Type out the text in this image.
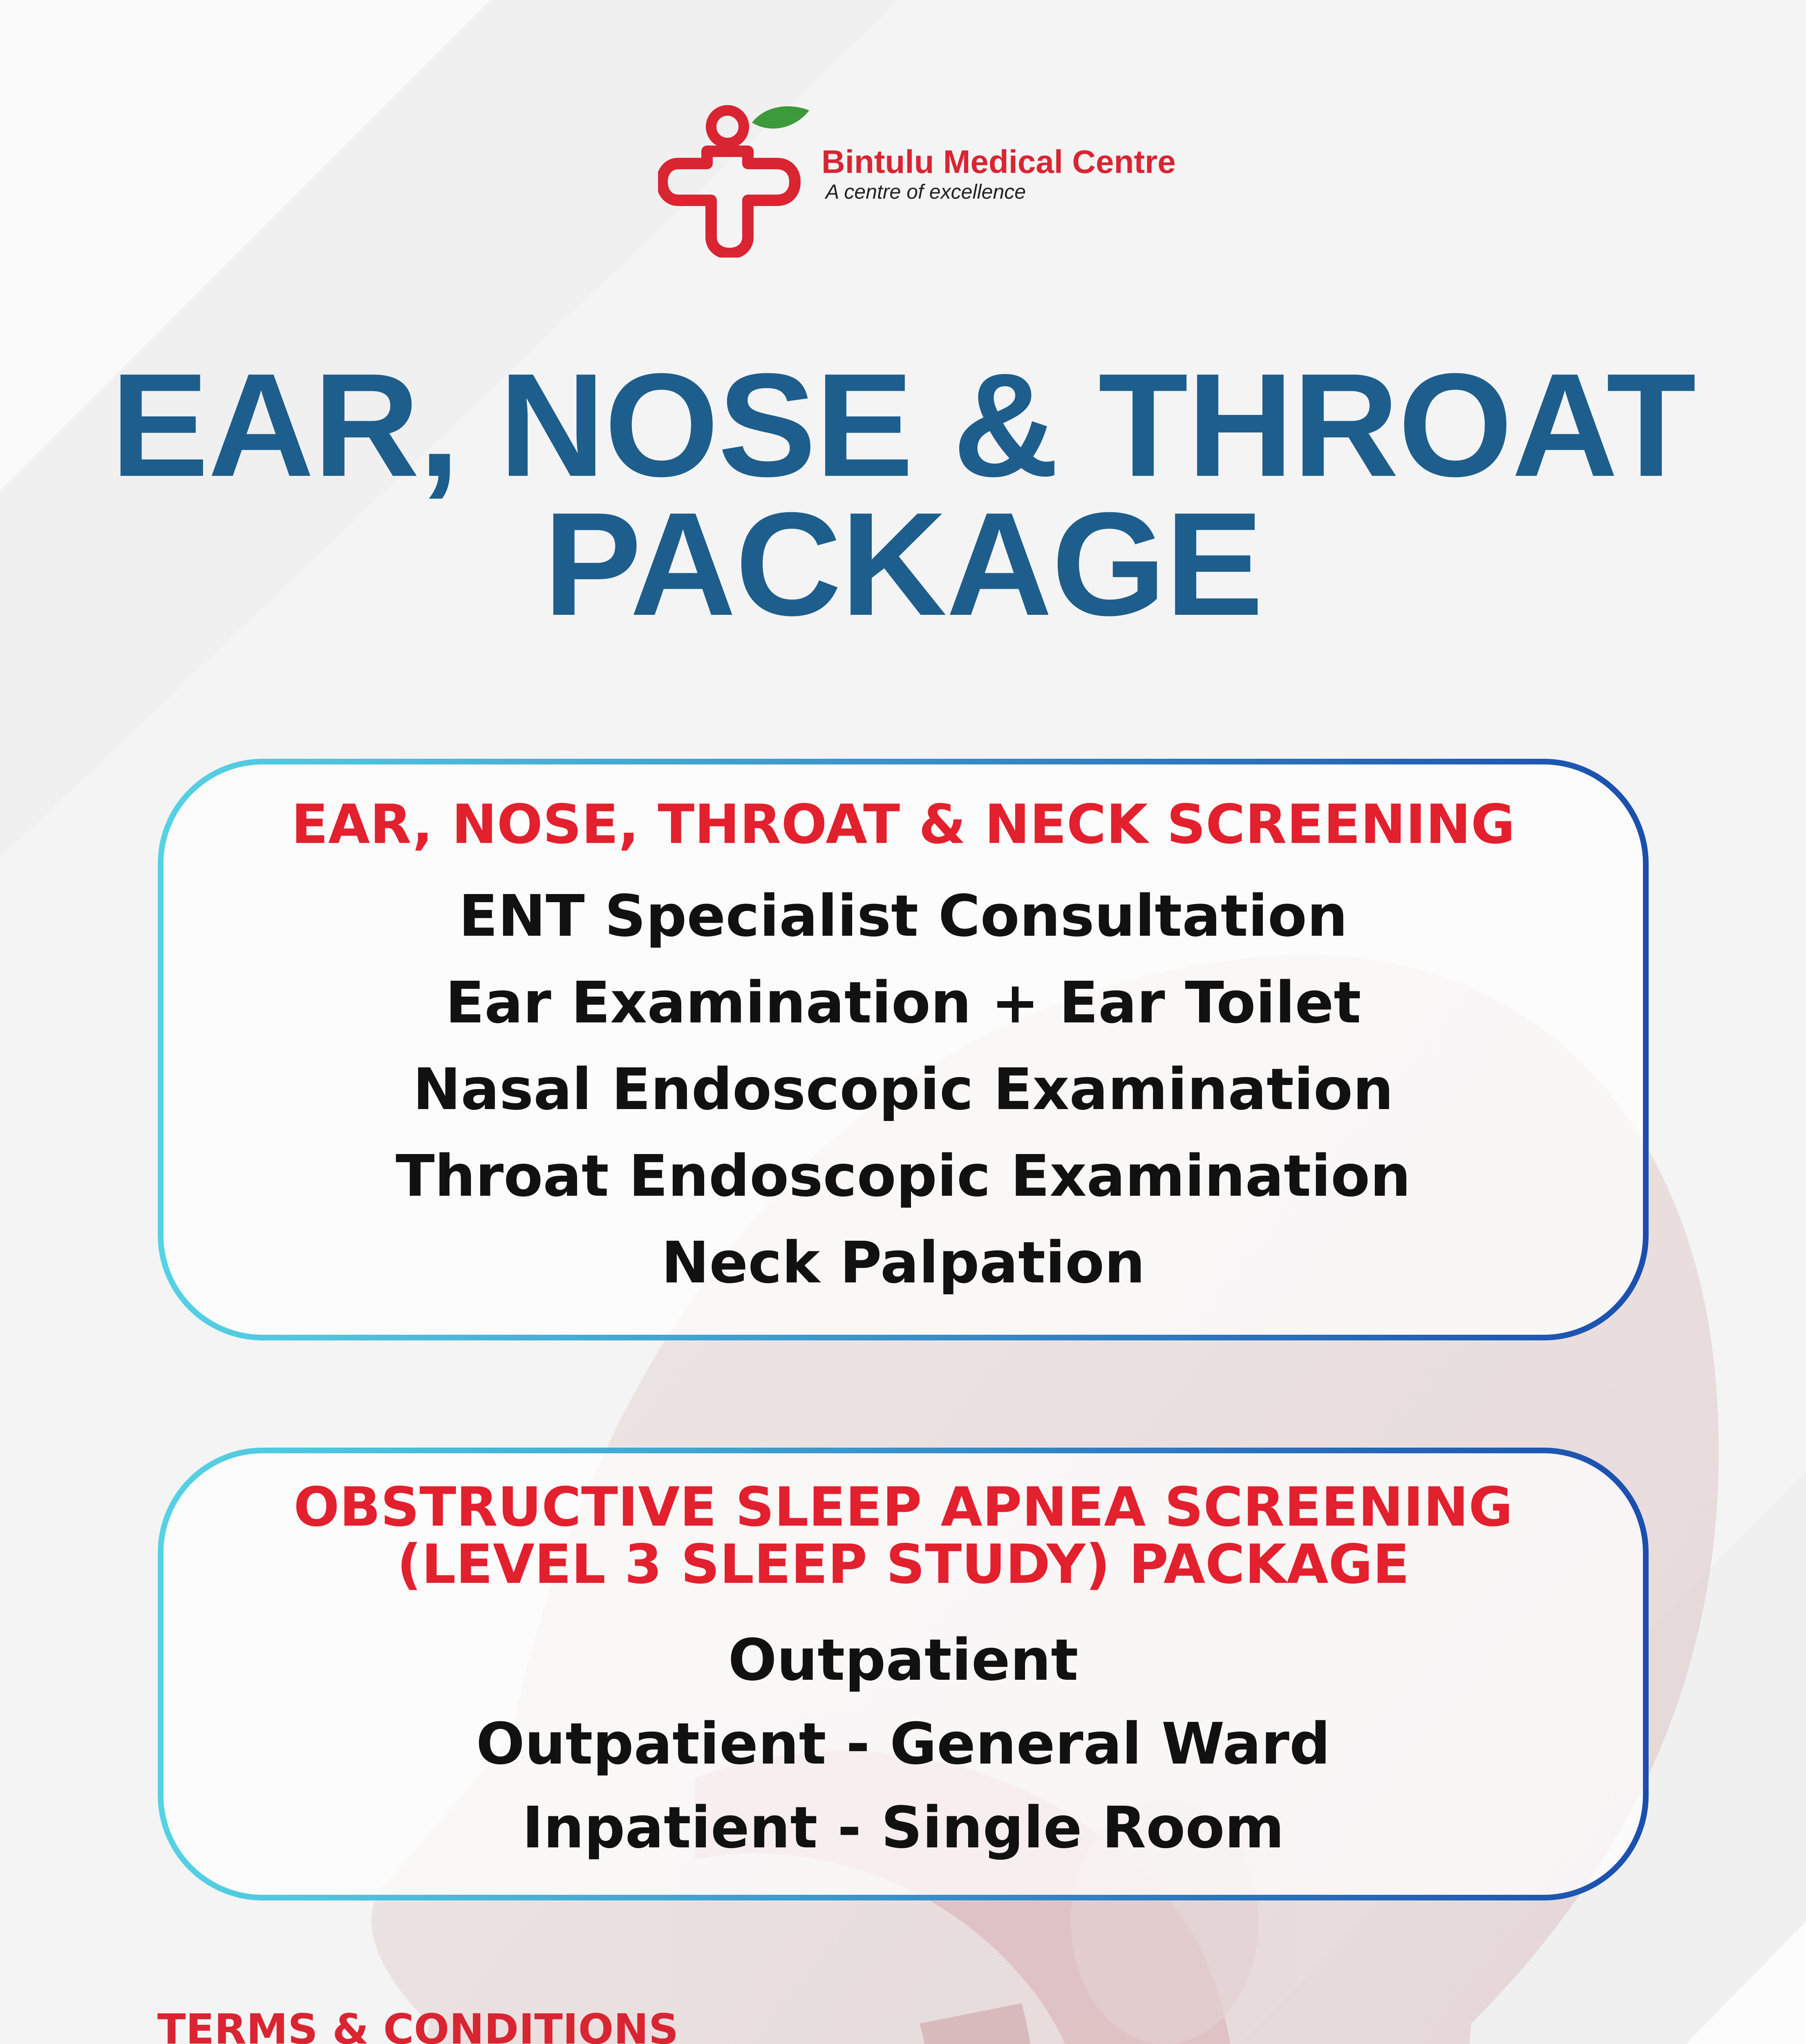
Bintulu Medical Centre
A centre of excellence
EAR, NOSE & THROAT
PACKAGE
EAR, NOSE, THROAT & NECK SCREENING
ENT Specialist Consultation
Ear Examination + Ear Toilet
Nasal Endoscopic Examination
Throat Endoscopic Examination
Neck Palpation
OBSTRUCTIVE SLEEP APNEA SCREENING
(LEVEL 3 SLEEP STUDY) PACKAGE
Outpatient
Outpatient - General Ward
Inpatient - Single Room
TERMS & CONDITIONS
